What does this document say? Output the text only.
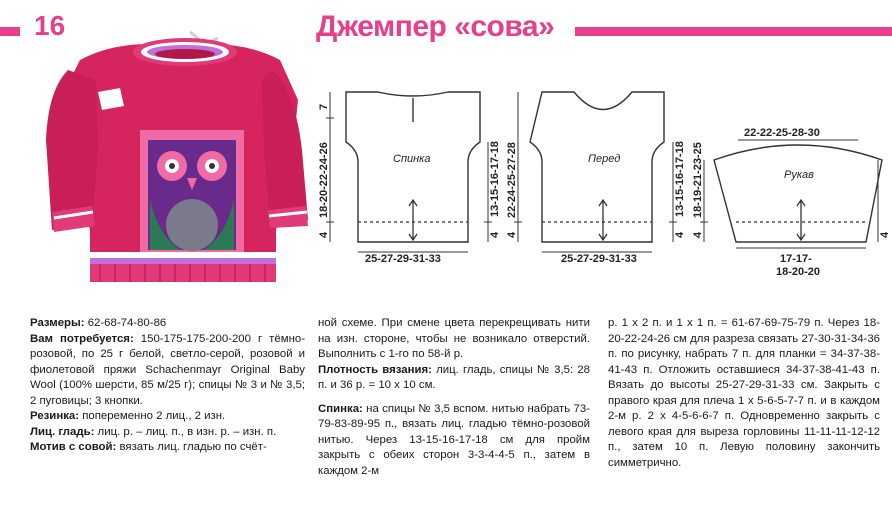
16	Джемпер «сова»
Спинка
7
18-20-22-24-26
4
13-15-16-17-18
4
25-27-29-31-33
Перед
22-24-25-27-28
4
13-15-16-17-18
4
25-27-29-31-33
22-22-25-28-30
Рукав
18-19-21-23-25
4	4
17-17-
18-20-20

Размеры: 62-68-74-80-86

Вам потребуется: 150-175-175-200-200 г тёмно-розовой, по 25 г белой, светло-серой, розовой и фиолетовой пряжи Schachenmayr Original Baby Wool (100% шерсти, 85 м/25 г); спицы № 3 и № 3,5; 2 пуговицы; 3 кнопки.

Резинка: попеременно 2 лиц., 2 изн.

Лиц. гладь: лиц. р. – лиц. п., в изн. р. – изн. п.

Мотив с совой: вязать лиц. гладью по счёт-

ной схеме. При смене цвета перекрещивать нити на изн. стороне, чтобы не возникало отверстий. Выполнить с 1-го по 58-й р.

Плотность вязания: лиц. гладь, спицы № 3,5: 28 п. и 36 р. = 10 х 10 см.

Спинка: на спицы № 3,5 вспом. нитью набрать 73-79-83-89-95 п., вязать лиц. гладью тёмно-розовой нитью. Через 13-15-16-17-18 см для пройм закрыть с обеих сторон 3-3-4-4-5 п., затем в каждом 2-м

р. 1 х 2 п. и 1 х 1 п. = 61-67-69-75-79 п. Через 18-20-22-24-26 см для разреза связать 27-30-31-34-36 п. по рисунку, набрать 7 п. для планки = 34-37-38-41-43 п. Отложить оставшиеся 34-37-38-41-43 п. Вязать до высоты 25-27-29-31-33 см. Закрыть с правого края для плеча 1 х 5-6-5-7-7 п. и в каждом 2-м р. 2 х 4-5-6-6-7 п. Одновременно закрыть с левого края для выреза горловины 11-11-11-12-12 п., затем 10 п. Левую половину закончить симметрично.
